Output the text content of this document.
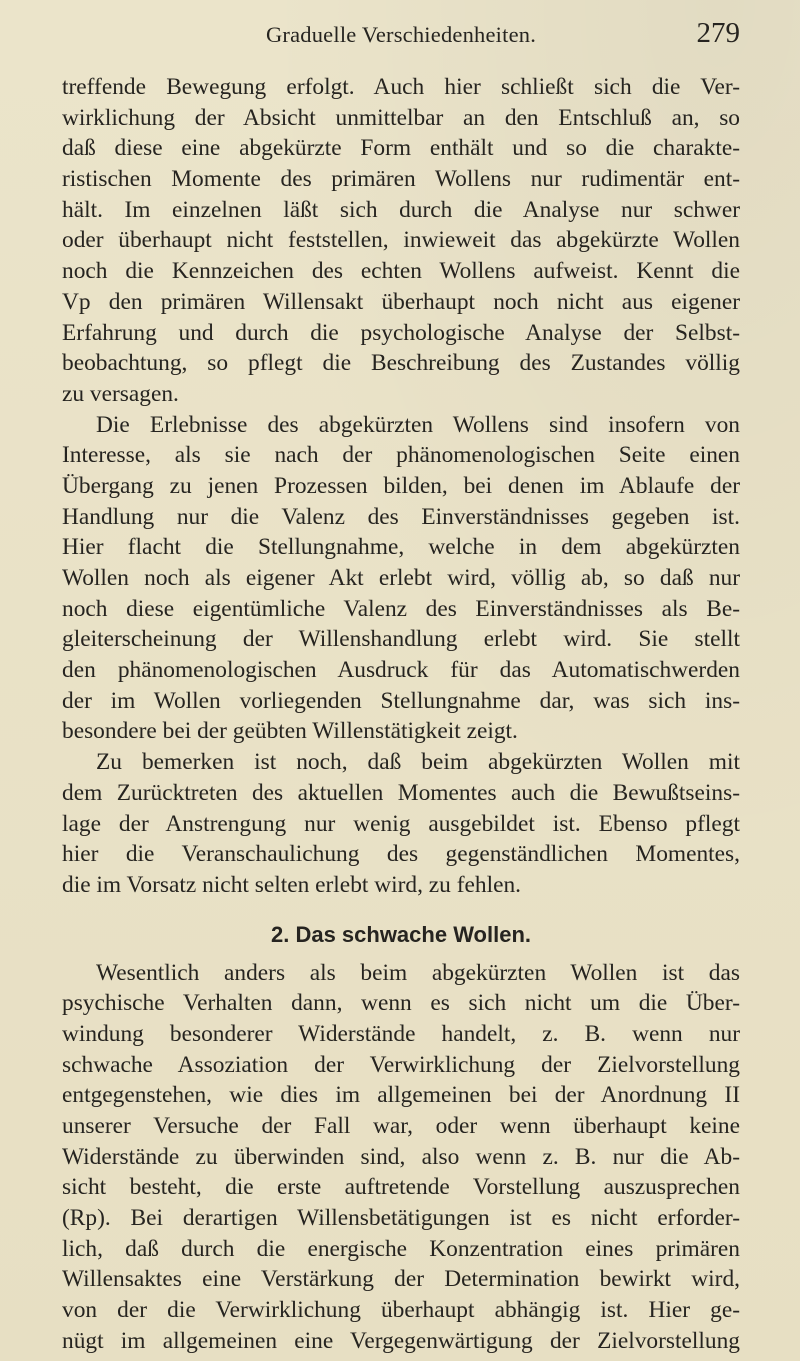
Graduelle Verschiedenheiten.	279
treffende Bewegung erfolgt. Auch hier schließt sich die Ver-
wirklichung der Absicht unmittelbar an den Entschluß an, so
daß diese eine abgekürzte Form enthält und so die charakte-
ristischen Momente des primären Wollens nur rudimentär ent-
hält. Im einzelnen läßt sich durch die Analyse nur schwer
oder überhaupt nicht feststellen, inwieweit das abgekürzte Wollen
noch die Kennzeichen des echten Wollens aufweist. Kennt die
Vp den primären Willensakt überhaupt noch nicht aus eigener
Erfahrung und durch die psychologische Analyse der Selbst-
beobachtung, so pflegt die Beschreibung des Zustandes völlig
zu versagen.
Die Erlebnisse des abgekürzten Wollens sind insofern von
Interesse, als sie nach der phänomenologischen Seite einen
Übergang zu jenen Prozessen bilden, bei denen im Ablaufe der
Handlung nur die Valenz des Einverständnisses gegeben ist.
Hier flacht die Stellungnahme, welche in dem abgekürzten
Wollen noch als eigener Akt erlebt wird, völlig ab, so daß nur
noch diese eigentümliche Valenz des Einverständnisses als Be-
gleiterscheinung der Willenshandlung erlebt wird. Sie stellt
den phänomenologischen Ausdruck für das Automatischwerden
der im Wollen vorliegenden Stellungnahme dar, was sich ins-
besondere bei der geübten Willenstätigkeit zeigt.
Zu bemerken ist noch, daß beim abgekürzten Wollen mit
dem Zurücktreten des aktuellen Momentes auch die Bewußtseins-
lage der Anstrengung nur wenig ausgebildet ist. Ebenso pflegt
hier die Veranschaulichung des gegenständlichen Momentes,
die im Vorsatz nicht selten erlebt wird, zu fehlen.
2. Das schwache Wollen.
Wesentlich anders als beim abgekürzten Wollen ist das
psychische Verhalten dann, wenn es sich nicht um die Über-
windung besonderer Widerstände handelt, z. B. wenn nur
schwache Assoziation der Verwirklichung der Zielvorstellung
entgegenstehen, wie dies im allgemeinen bei der Anordnung II
unserer Versuche der Fall war, oder wenn überhaupt keine
Widerstände zu überwinden sind, also wenn z. B. nur die Ab-
sicht besteht, die erste auftretende Vorstellung auszusprechen
(Rp). Bei derartigen Willensbetätigungen ist es nicht erforder-
lich, daß durch die energische Konzentration eines primären
Willensaktes eine Verstärkung der Determination bewirkt wird,
von der die Verwirklichung überhaupt abhängig ist. Hier ge-
nügt im allgemeinen eine Vergegenwärtigung der Zielvorstellung
